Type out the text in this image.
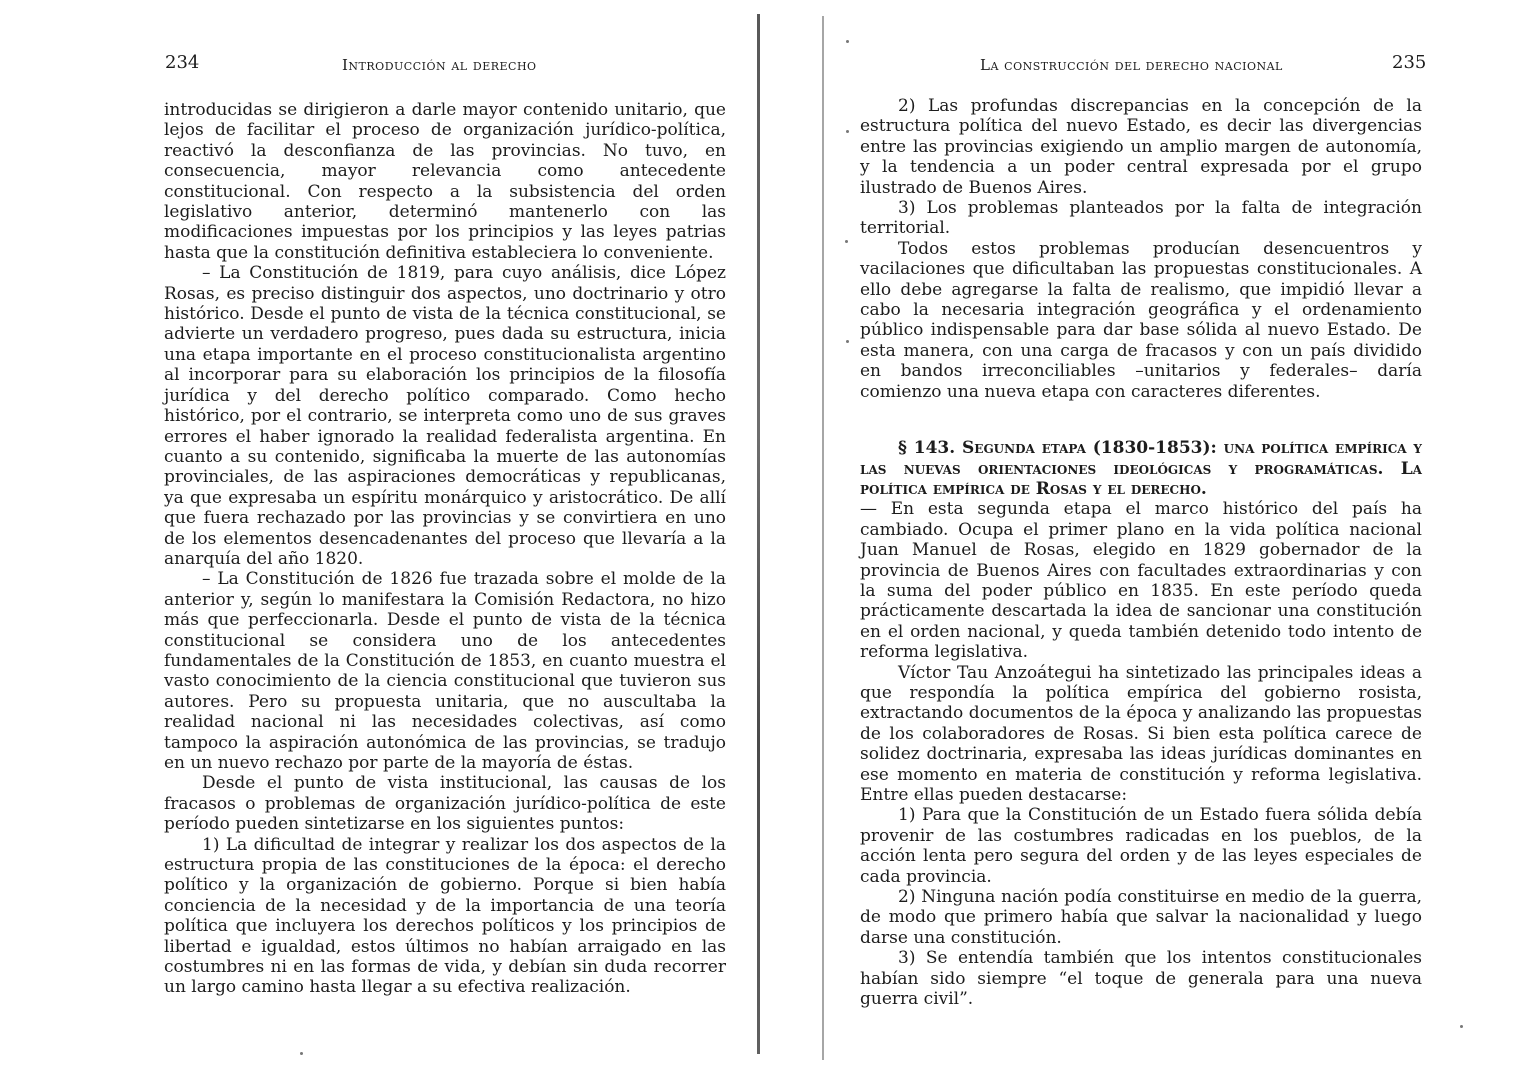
234	Introducción al derecho

introducidas se dirigieron a darle mayor contenido unitario, que lejos de facilitar el proceso de organización jurídico-política, reactivó la desconfianza de las provincias. No tuvo, en consecuencia, mayor relevancia como antecedente constitucional. Con respecto a la subsistencia del orden legislativo anterior, determinó mantenerlo con las modificaciones impuestas por los principios y las leyes patrias hasta que la constitución definitiva estableciera lo conveniente.

– La Constitución de 1819, para cuyo análisis, dice López Rosas, es preciso distinguir dos aspectos, uno doctrinario y otro histórico. Desde el punto de vista de la técnica constitucional, se advierte un verdadero progreso, pues dada su estructura, inicia una etapa importante en el proceso constitucionalista argentino al incorporar para su elaboración los principios de la filosofía jurídica y del derecho político comparado. Como hecho histórico, por el contrario, se interpreta como uno de sus graves errores el haber ignorado la realidad federalista argentina. En cuanto a su contenido, significaba la muerte de las autonomías provinciales, de las aspiraciones democráticas y republicanas, ya que expresaba un espíritu monárquico y aristocrático. De allí que fuera rechazado por las provincias y se convirtiera en uno de los elementos desencadenantes del proceso que llevaría a la anarquía del año 1820.

– La Constitución de 1826 fue trazada sobre el molde de la anterior y, según lo manifestara la Comisión Redactora, no hizo más que perfeccionarla. Desde el punto de vista de la técnica constitucional se considera uno de los antecedentes fundamentales de la Constitución de 1853, en cuanto muestra el vasto conocimiento de la ciencia constitucional que tuvieron sus autores. Pero su propuesta unitaria, que no auscultaba la realidad nacional ni las necesidades colectivas, así como tampoco la aspiración autonómica de las provincias, se tradujo en un nuevo rechazo por parte de la mayoría de éstas.

Desde el punto de vista institucional, las causas de los fracasos o problemas de organización jurídico-política de este período pueden sintetizarse en los siguientes puntos:

1) La dificultad de integrar y realizar los dos aspectos de la estructura propia de las constituciones de la época: el derecho político y la organización de gobierno. Porque si bien había conciencia de la necesidad y de la importancia de una teoría política que incluyera los derechos políticos y los principios de libertad e igualdad, estos últimos no habían arraigado en las costumbres ni en las formas de vida, y debían sin duda recorrer un largo camino hasta llegar a su efectiva realización.

La construcción del derecho nacional	235

2) Las profundas discrepancias en la concepción de la estructura política del nuevo Estado, es decir las divergencias entre las provincias exigiendo un amplio margen de autonomía, y la tendencia a un poder central expresada por el grupo ilustrado de Buenos Aires.

3) Los problemas planteados por la falta de integración territorial.

Todos estos problemas producían desencuentros y vacilaciones que dificultaban las propuestas constitucionales. A ello debe agregarse la falta de realismo, que impidió llevar a cabo la necesaria integración geográfica y el ordenamiento público indispensable para dar base sólida al nuevo Estado. De esta manera, con una carga de fracasos y con un país dividido en bandos irreconciliables –unitarios y federales– daría comienzo una nueva etapa con caracteres diferentes.

§ 143. Segunda etapa (1830-1853): una política empírica y las nuevas orientaciones ideológicas y programáticas. La política empírica de Rosas y el derecho.

— En esta segunda etapa el marco histórico del país ha cambiado. Ocupa el primer plano en la vida política nacional Juan Manuel de Rosas, elegido en 1829 gobernador de la provincia de Buenos Aires con facultades extraordinarias y con la suma del poder público en 1835. En este período queda prácticamente descartada la idea de sancionar una constitución en el orden nacional, y queda también detenido todo intento de reforma legislativa.

Víctor Tau Anzoátegui ha sintetizado las principales ideas a que respondía la política empírica del gobierno rosista, extractando documentos de la época y analizando las propuestas de los colaboradores de Rosas. Si bien esta política carece de solidez doctrinaria, expresaba las ideas jurídicas dominantes en ese momento en materia de constitución y reforma legislativa. Entre ellas pueden destacarse:

1) Para que la Constitución de un Estado fuera sólida debía provenir de las costumbres radicadas en los pueblos, de la acción lenta pero segura del orden y de las leyes especiales de cada provincia.

2) Ninguna nación podía constituirse en medio de la guerra, de modo que primero había que salvar la nacionalidad y luego darse una constitución.

3) Se entendía también que los intentos constitucionales habían sido siempre “el toque de generala para una nueva guerra civil”.
